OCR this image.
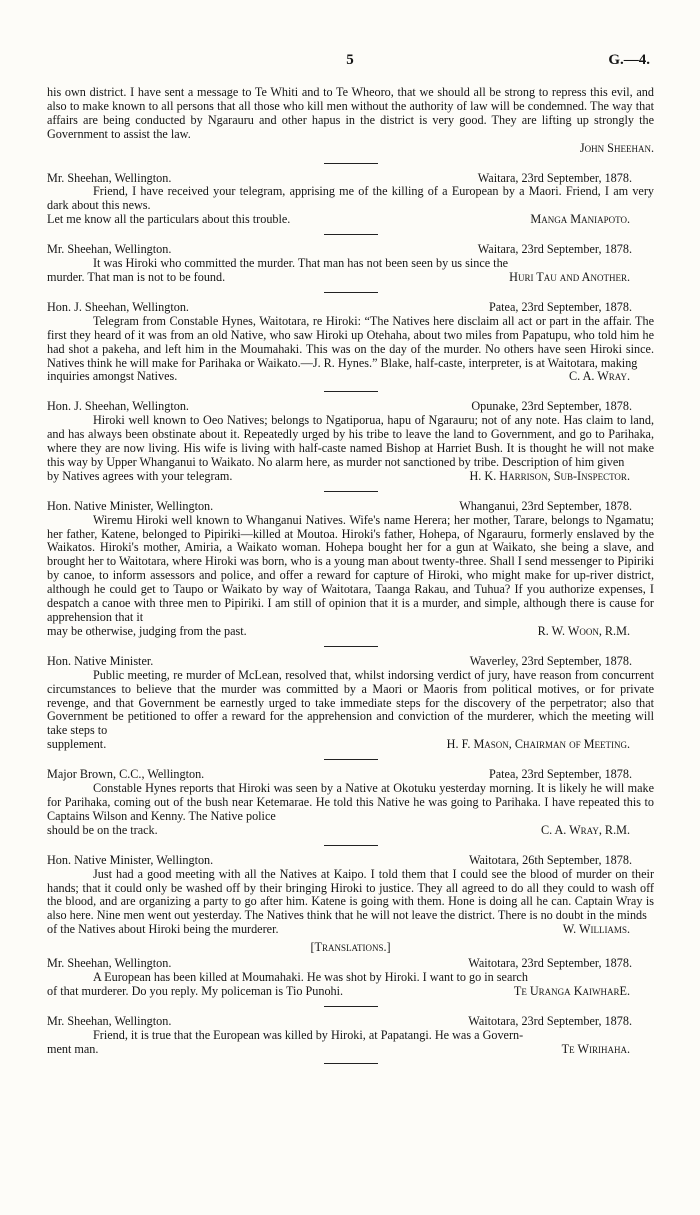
5	G.—4.

his own district. I have sent a message to Te Whiti and to Te Wheoro, that we should all be strong to repress this evil, and also to make known to all persons that all those who kill men without the authority of law will be condemned. The way that affairs are being conducted by Ngarauru and other hapus in the district is very good. They are lifting up strongly the Government to assist the law.

John Sheehan.

Mr. Sheehan, Wellington.	Waitara, 23rd September, 1878.

Friend, I have received your telegram, apprising me of the killing of a European by a Maori. Friend, I am very dark about this news.

Let me know all the particulars about this trouble.	Manga Maniapoto.
Mr. Sheehan, Wellington.	Waitara, 23rd September, 1878.

It was Hiroki who committed the murder. That man has not been seen by us since the

murder. That man is not to be found.	Huri Tau and Another.
Hon. J. Sheehan, Wellington.	Patea, 23rd September, 1878.

Telegram from Constable Hynes, Waitotara, re Hiroki: “The Natives here disclaim all act or part in the affair. The first they heard of it was from an old Native, who saw Hiroki up Otehaha, about two miles from Papatupu, who told him he had shot a pakeha, and left him in the Moumahaki. This was on the day of the murder. No others have seen Hiroki since. Natives think he will make for Parihaka or Waikato.—J. R. Hynes.” Blake, half-caste, interpreter, is at Waitotara, making

inquiries amongst Natives.	C. A. Wray.
Hon. J. Sheehan, Wellington.	Opunake, 23rd September, 1878.

Hiroki well known to Oeo Natives; belongs to Ngatiporua, hapu of Ngarauru; not of any note. Has claim to land, and has always been obstinate about it. Repeatedly urged by his tribe to leave the land to Government, and go to Parihaka, where they are now living. His wife is living with half-caste named Bishop at Harriet Bush. It is thought he will not make this way by Upper Whanganui to Waikato. No alarm here, as murder not sanctioned by tribe. Description of him given

by Natives agrees with your telegram.	H. K. Harrison, Sub-Inspector.
Hon. Native Minister, Wellington.	Whanganui, 23rd September, 1878.

Wiremu Hiroki well known to Whanganui Natives. Wife's name Herera; her mother, Tarare, belongs to Ngamatu; her father, Katene, belonged to Pipiriki—killed at Moutoa. Hiroki's father, Hohepa, of Ngarauru, formerly enslaved by the Waikatos. Hiroki's mother, Amiria, a Waikato woman. Hohepa bought her for a gun at Waikato, she being a slave, and brought her to Waitotara, where Hiroki was born, who is a young man about twenty-three. Shall I send messenger to Pipiriki by canoe, to inform assessors and police, and offer a reward for capture of Hiroki, who might make for up-river district, although he could get to Taupo or Waikato by way of Waitotara, Taanga Rakau, and Tuhua? If you authorize expenses, I despatch a canoe with three men to Pipiriki. I am still of opinion that it is a murder, and simple, although there is cause for apprehension that it

may be otherwise, judging from the past.	R. W. Woon, R.M.
Hon. Native Minister.	Waverley, 23rd September, 1878.

Public meeting, re murder of McLean, resolved that, whilst indorsing verdict of jury, have reason from concurrent circumstances to believe that the murder was committed by a Maori or Maoris from political motives, or for private revenge, and that Government be earnestly urged to take immediate steps for the discovery of the perpetrator; also that Government be petitioned to offer a reward for the apprehension and conviction of the murderer, which the meeting will take steps to

supplement.	H. F. Mason, Chairman of Meeting.
Major Brown, C.C., Wellington.	Patea, 23rd September, 1878.

Constable Hynes reports that Hiroki was seen by a Native at Okotuku yesterday morning. It is likely he will make for Parihaka, coming out of the bush near Ketemarae. He told this Native he was going to Parihaka. I have repeated this to Captains Wilson and Kenny. The Native police

should be on the track.	C. A. Wray, R.M.
Hon. Native Minister, Wellington.	Waitotara, 26th September, 1878.

Just had a good meeting with all the Natives at Kaipo. I told them that I could see the blood of murder on their hands; that it could only be washed off by their bringing Hiroki to justice. They all agreed to do all they could to wash off the blood, and are organizing a party to go after him. Katene is going with them. Hone is doing all he can. Captain Wray is also here. Nine men went out yesterday. The Natives think that he will not leave the district. There is no doubt in the minds

of the Natives about Hiroki being the murderer.	W. Williams.
[Translations.]
Mr. Sheehan, Wellington.	Waitotara, 23rd September, 1878.

A European has been killed at Moumahaki. He was shot by Hiroki. I want to go in search

of that murderer. Do you reply. My policeman is Tio Punohi.	Te Uranga KaiwharE.
Mr. Sheehan, Wellington.	Waitotara, 23rd September, 1878.

Friend, it is true that the European was killed by Hiroki, at Papatangi. He was a Govern-

ment man.	Te Wirihaha.
